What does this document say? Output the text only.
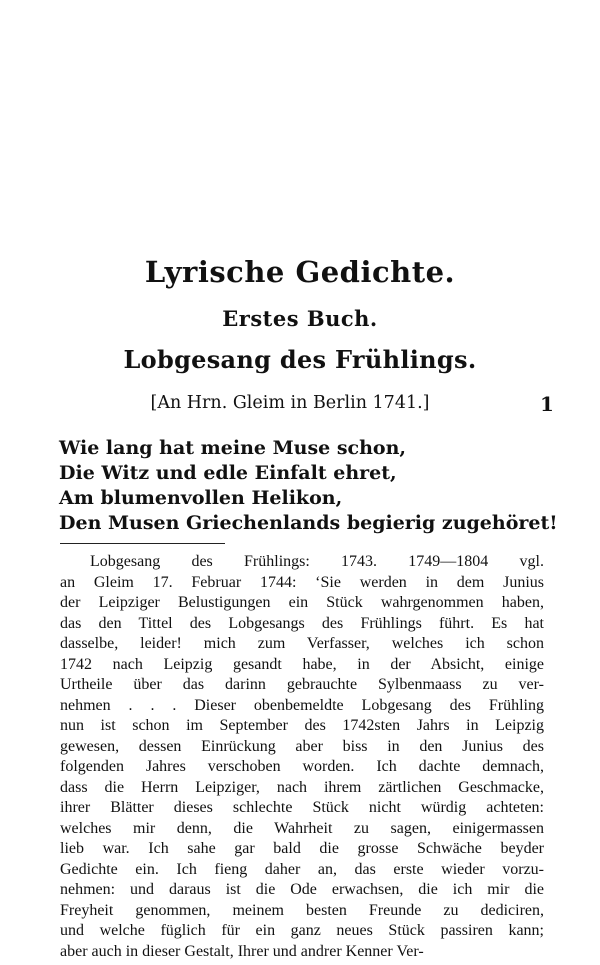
Lyrische Gedichte.
Erstes Buch.
Lobgesang des Frühlings.
[An Hrn. Gleim in Berlin 1741.]	1
Wie lang hat meine Muse schon,
Die Witz und edle Einfalt ehret,
Am blumenvollen Helikon,
Den Musen Griechenlands begierig zugehöret!
Lobgesang des Frühlings: 1743. 1749—1804 vgl.
an Gleim 17. Februar 1744: ‘Sie werden in dem Junius
der Leipziger Belustigungen ein Stück wahrgenommen haben,
das den Tittel des Lobgesangs des Frühlings führt. Es hat
dasselbe, leider! mich zum Verfasser, welches ich schon
1742 nach Leipzig gesandt habe, in der Absicht, einige
Urtheile über das darinn gebrauchte Sylbenmaass zu ver-
nehmen . . . Dieser obenbemeldte Lobgesang des Frühling
nun ist schon im September des 1742sten Jahrs in Leipzig
gewesen, dessen Einrückung aber biss in den Junius des
folgenden Jahres verschoben worden. Ich dachte demnach,
dass die Herrn Leipziger, nach ihrem zärtlichen Geschmacke,
ihrer Blätter dieses schlechte Stück nicht würdig achteten:
welches mir denn, die Wahrheit zu sagen, einigermassen
lieb war. Ich sahe gar bald die grosse Schwäche beyder
Gedichte ein. Ich fieng daher an, das erste wieder vorzu-
nehmen: und daraus ist die Ode erwachsen, die ich mir die
Freyheit genommen, meinem besten Freunde zu dediciren,
und welche füglich für ein ganz neues Stück passiren kann;
aber auch in dieser Gestalt, Ihrer und andrer Kenner Ver-
